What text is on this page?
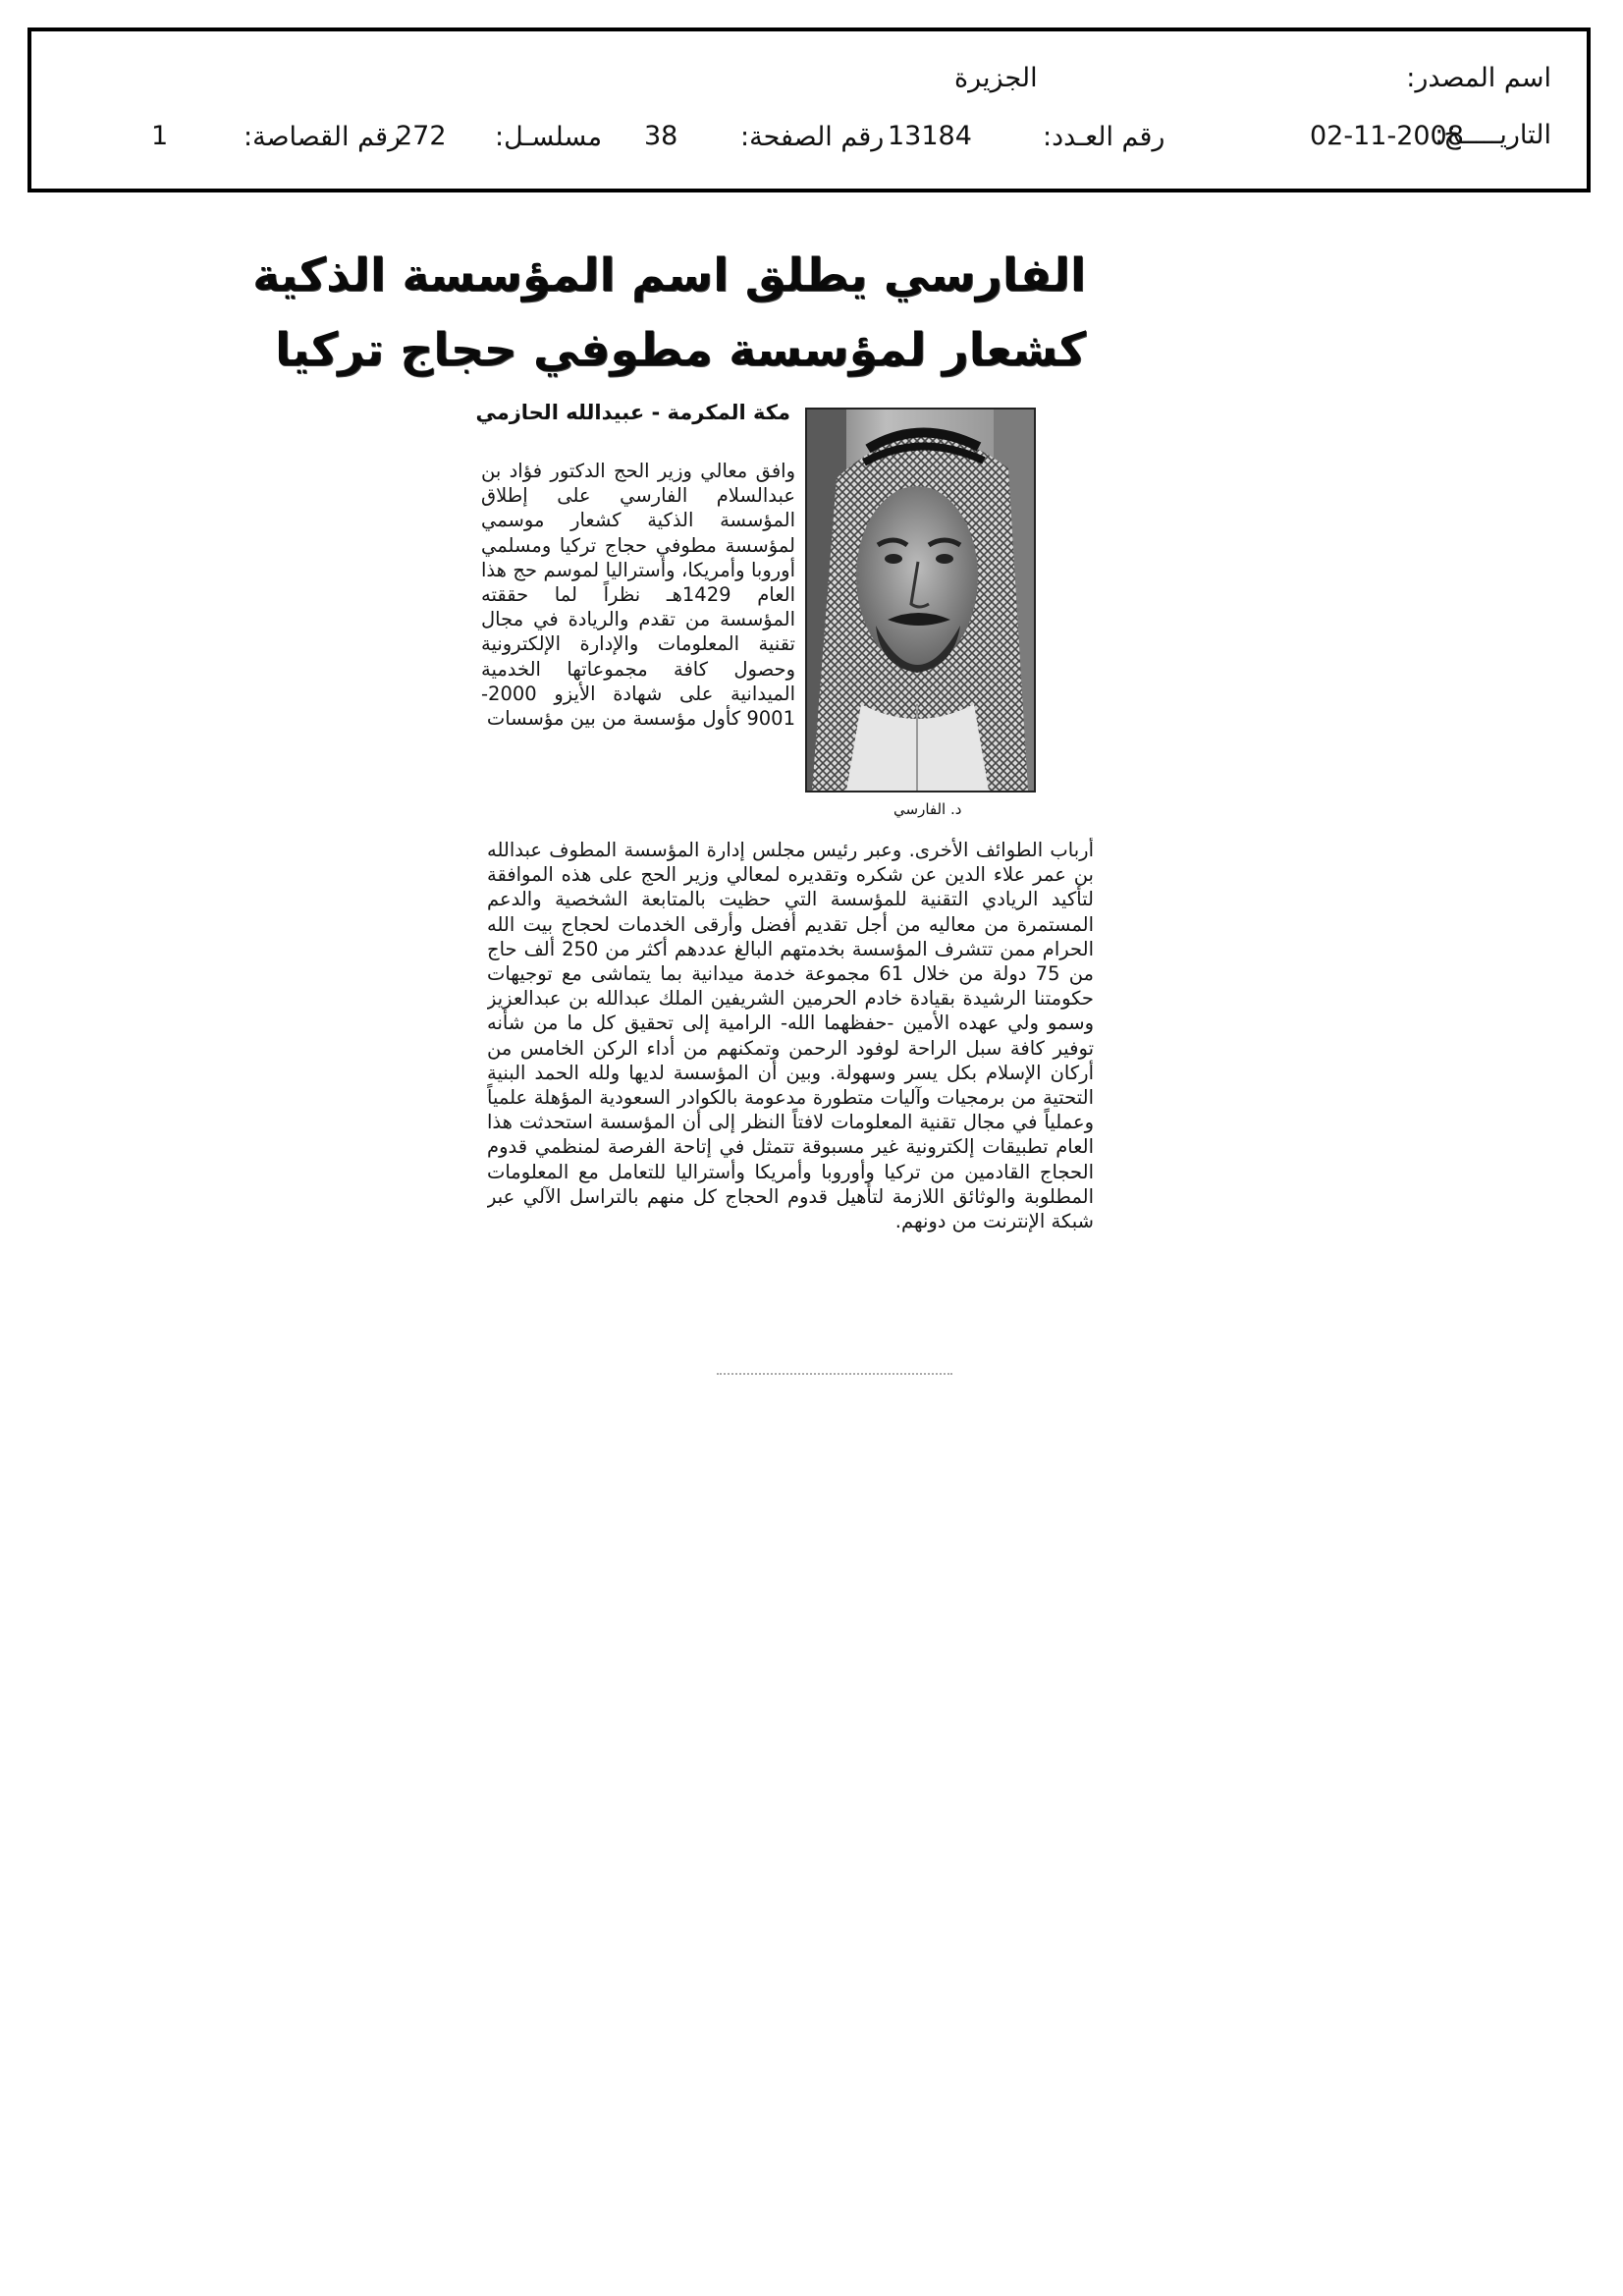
اسم المصدر:
الجزيرة
التاريـــــخ:
02-11-2008
رقم العـدد:
13184
رقم الصفحة:
38
مسلسـل:
272
رقم القصاصة:
1
الفارسي يطلق اسم المؤسسة الذكية
كشعار لمؤسسة مطوفي حجاج تركيا
مكة المكرمة - عبيدالله الحازمي
د. الفارسي

وافق معالي وزير الحج الدكتور فؤاد بن عبدالسلام الفارسي على إطلاق المؤسسة الذكية كشعار موسمي لمؤسسة مطوفي حجاج تركيا ومسلمي أوروبا وأمريكا، وأستراليا لموسم حج هذا العام 1429هـ نظراً لما حققته المؤسسة من تقدم والريادة في مجال تقنية المعلومات والإدارة الإلكترونية وحصول كافة مجموعاتها الخدمية الميدانية على شهادة الأيزو 2000-9001 كأول مؤسسة من بين مؤسسات

أرباب الطوائف الأخرى. وعبر رئيس مجلس إدارة المؤسسة المطوف عبدالله بن عمر علاء الدين عن شكره وتقديره لمعالي وزير الحج على هذه الموافقة لتأكيد الريادي التقنية للمؤسسة التي حظيت بالمتابعة الشخصية والدعم المستمرة من معاليه من أجل تقديم أفضل وأرقى الخدمات لحجاج بيت الله الحرام ممن تتشرف المؤسسة بخدمتهم البالغ عددهم أكثر من 250 ألف حاج من 75 دولة من خلال 61 مجموعة خدمة ميدانية بما يتماشى مع توجيهات حكومتنا الرشيدة بقيادة خادم الحرمين الشريفين الملك عبدالله بن عبدالعزيز وسمو ولي عهده الأمين -حفظهما الله- الرامية إلى تحقيق كل ما من شأنه توفير كافة سبل الراحة لوفود الرحمن وتمكنهم من أداء الركن الخامس من أركان الإسلام بكل يسر وسهولة. وبين أن المؤسسة لديها ولله الحمد البنية التحتية من برمجيات وآليات متطورة مدعومة بالكوادر السعودية المؤهلة علمياً وعملياً في مجال تقنية المعلومات لافتاً النظر إلى أن المؤسسة استحدثت هذا العام تطبيقات إلكترونية غير مسبوقة تتمثل في إتاحة الفرصة لمنظمي قدوم الحجاج القادمين من تركيا وأوروبا وأمريكا وأستراليا للتعامل مع المعلومات المطلوبة والوثائق اللازمة لتأهيل قدوم الحجاج كل منهم بالتراسل الآلي عبر شبكة الإنترنت من دونهم.
